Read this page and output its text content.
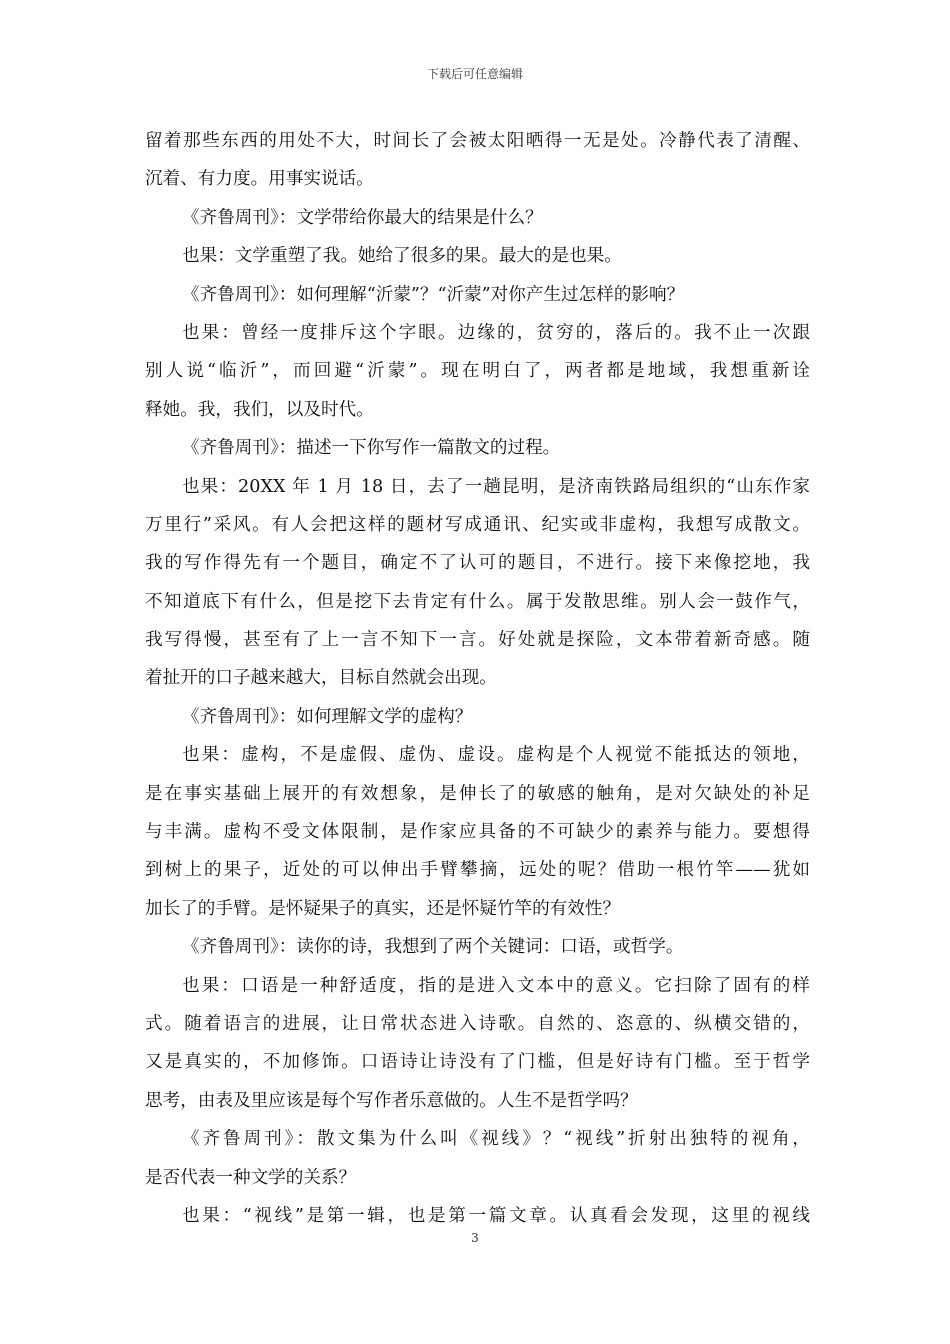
下载后可任意编辑
留着那些东西的用处不大，时间长了会被太阳晒得一无是处。冷静代表了清醒、
沉着、有力度。用事实说话。
《齐鲁周刊》：文学带给你最大的结果是什么？
也果：文学重塑了我。她给了很多的果。最大的是也果。
《齐鲁周刊》：如何理解“沂蒙”？“沂蒙”对你产生过怎样的影响？
也果：曾经一度排斥这个字眼。边缘的，贫穷的，落后的。我不止一次跟
别人说“临沂”，而回避“沂蒙”。现在明白了，两者都是地域，我想重新诠
释她。我，我们，以及时代。
《齐鲁周刊》：描述一下你写作一篇散文的过程。
也果：20XX 年 1 月 18 日，去了一趟昆明，是济南铁路局组织的“山东作家
万里行”采风。有人会把这样的题材写成通讯、纪实或非虚构，我想写成散文。
我的写作得先有一个题目，确定不了认可的题目，不进行。接下来像挖地，我
不知道底下有什么，但是挖下去肯定有什么。属于发散思维。别人会一鼓作气，
我写得慢，甚至有了上一言不知下一言。好处就是探险，文本带着新奇感。随
着扯开的口子越来越大，目标自然就会出现。
《齐鲁周刊》：如何理解文学的虚构？
也果：虚构，不是虚假、虚伪、虚设。虚构是个人视觉不能抵达的领地，
是在事实基础上展开的有效想象，是伸长了的敏感的触角，是对欠缺处的补足
与丰满。虚构不受文体限制，是作家应具备的不可缺少的素养与能力。要想得
到树上的果子，近处的可以伸出手臂攀摘，远处的呢？借助一根竹竿——犹如
加长了的手臂。是怀疑果子的真实，还是怀疑竹竿的有效性？
《齐鲁周刊》：读你的诗，我想到了两个关键词：口语，或哲学。
也果：口语是一种舒适度，指的是进入文本中的意义。它扫除了固有的样
式。随着语言的进展，让日常状态进入诗歌。自然的、恣意的、纵横交错的，
又是真实的，不加修饰。口语诗让诗没有了门槛，但是好诗有门槛。至于哲学
思考，由表及里应该是每个写作者乐意做的。人生不是哲学吗？
《齐鲁周刊》：散文集为什么叫《视线》？“视线”折射出独特的视角，
是否代表一种文学的关系？
也果：“视线”是第一辑，也是第一篇文章。认真看会发现，这里的视线
3
